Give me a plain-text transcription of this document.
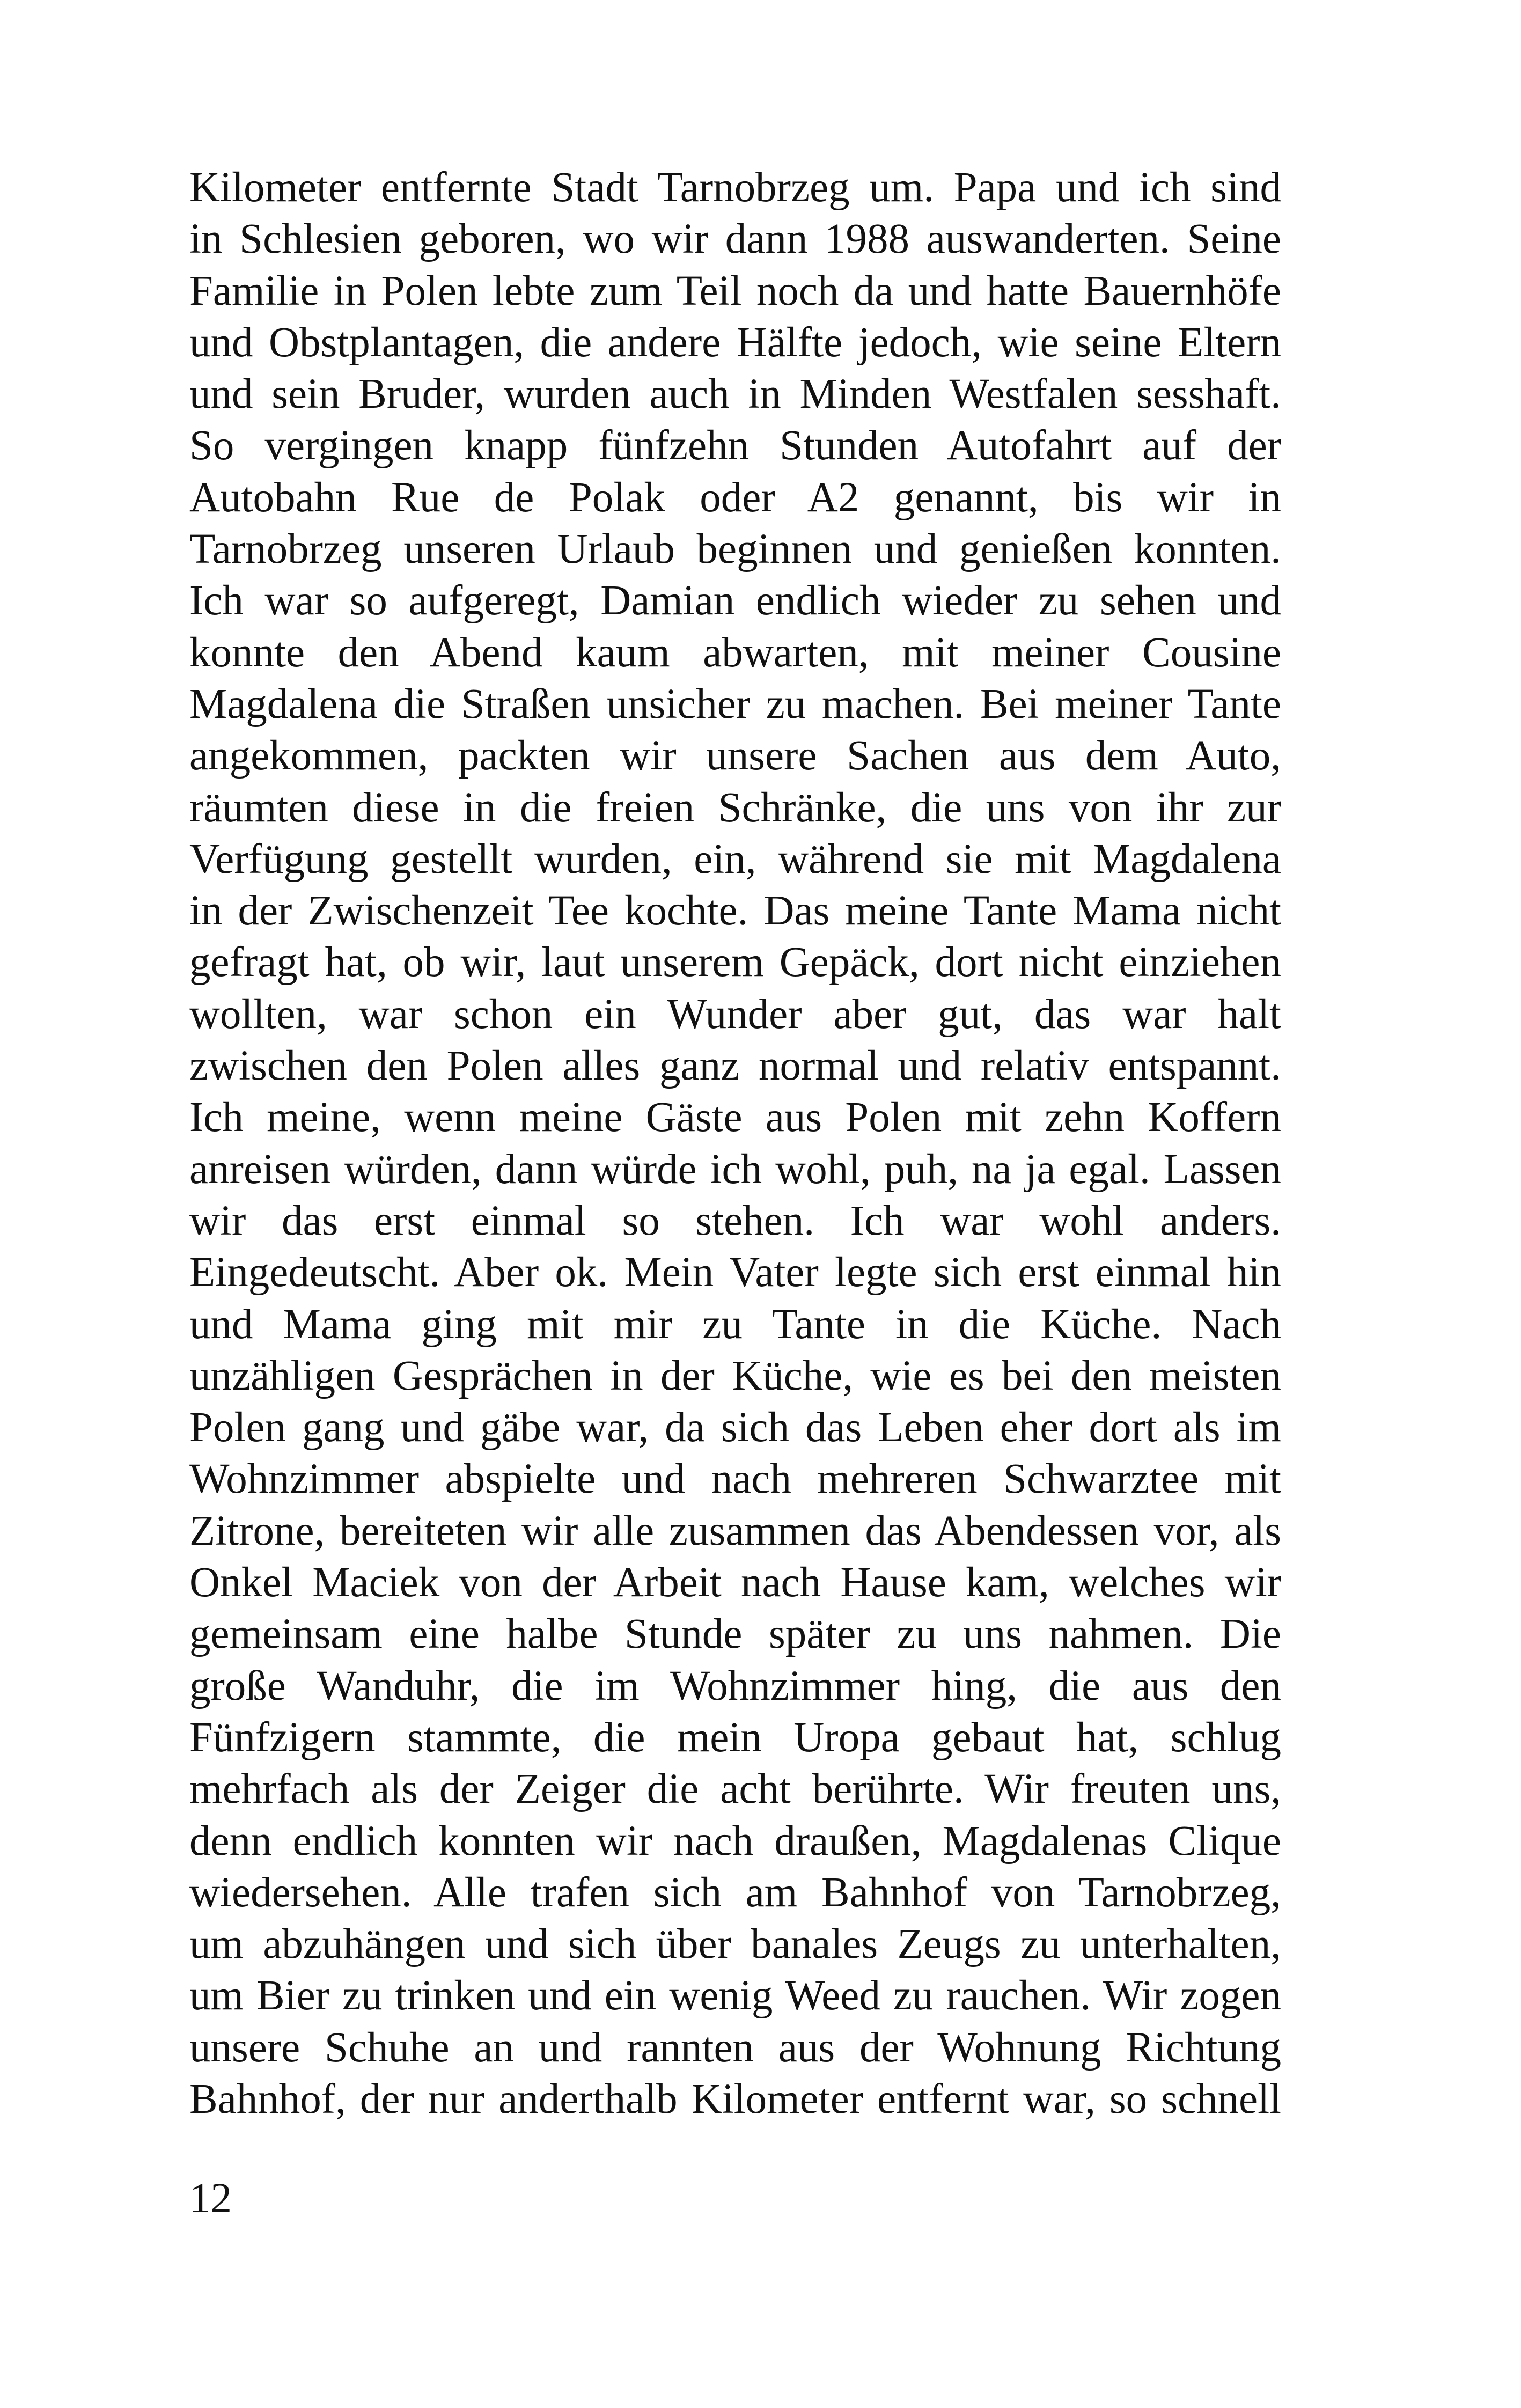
Kilometer entfernte Stadt Tarnobrzeg um. Papa und ich sind
in Schlesien geboren, wo wir dann 1988 auswanderten. Seine
Familie in Polen lebte zum Teil noch da und hatte Bauernhöfe
und Obstplantagen, die andere Hälfte jedoch, wie seine Eltern
und sein Bruder, wurden auch in Minden Westfalen sesshaft.
So vergingen knapp fünfzehn Stunden Autofahrt auf der
Autobahn Rue de Polak oder A2 genannt, bis wir in
Tarnobrzeg unseren Urlaub beginnen und genießen konnten.
Ich war so aufgeregt, Damian endlich wieder zu sehen und
konnte den Abend kaum abwarten, mit meiner Cousine
Magdalena die Straßen unsicher zu machen. Bei meiner Tante
angekommen, packten wir unsere Sachen aus dem Auto,
räumten diese in die freien Schränke, die uns von ihr zur
Verfügung gestellt wurden, ein, während sie mit Magdalena
in der Zwischenzeit Tee kochte. Das meine Tante Mama nicht
gefragt hat, ob wir, laut unserem Gepäck, dort nicht einziehen
wollten, war schon ein Wunder aber gut, das war halt
zwischen den Polen alles ganz normal und relativ entspannt.
Ich meine, wenn meine Gäste aus Polen mit zehn Koffern
anreisen würden, dann würde ich wohl, puh, na ja egal. Lassen
wir das erst einmal so stehen. Ich war wohl anders.
Eingedeutscht. Aber ok. Mein Vater legte sich erst einmal hin
und Mama ging mit mir zu Tante in die Küche. Nach
unzähligen Gesprächen in der Küche, wie es bei den meisten
Polen gang und gäbe war, da sich das Leben eher dort als im
Wohnzimmer abspielte und nach mehreren Schwarztee mit
Zitrone, bereiteten wir alle zusammen das Abendessen vor, als
Onkel Maciek von der Arbeit nach Hause kam, welches wir
gemeinsam eine halbe Stunde später zu uns nahmen. Die
große Wanduhr, die im Wohnzimmer hing, die aus den
Fünfzigern stammte, die mein Uropa gebaut hat, schlug
mehrfach als der Zeiger die acht berührte. Wir freuten uns,
denn endlich konnten wir nach draußen, Magdalenas Clique
wiedersehen. Alle trafen sich am Bahnhof von Tarnobrzeg,
um abzuhängen und sich über banales Zeugs zu unterhalten,
um Bier zu trinken und ein wenig Weed zu rauchen. Wir zogen
unsere Schuhe an und rannten aus der Wohnung Richtung
Bahnhof, der nur anderthalb Kilometer entfernt war, so schnell

12
